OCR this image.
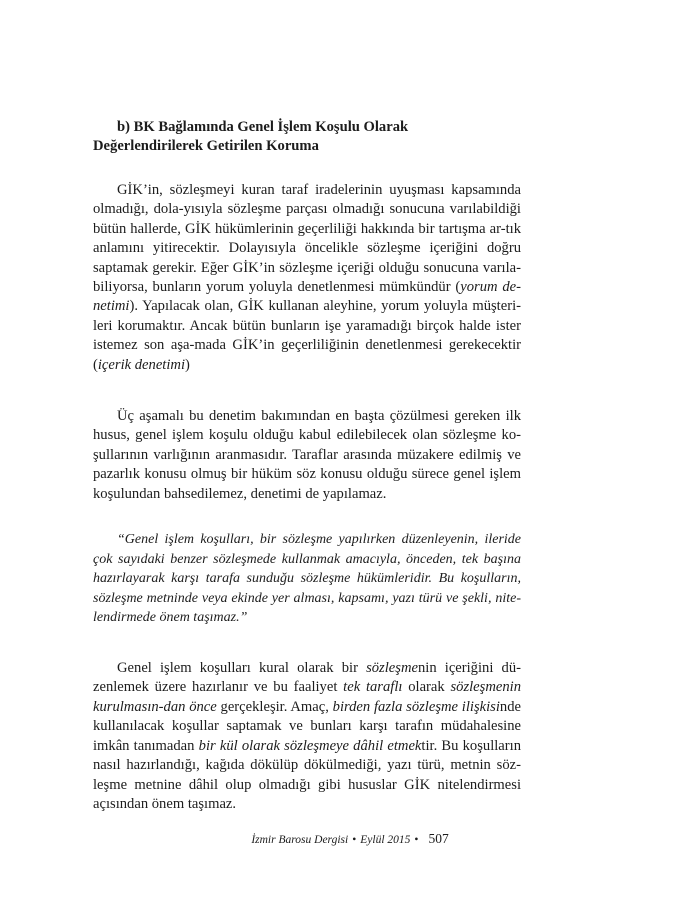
b) BK Bağlamında Genel İşlem Koşulu Olarak Değerlendirilerek Getirilen Koruma

GİK’in, sözleşmeyi kuran taraf iradelerinin uyuşması kapsamında olmadığı, dola-yısıyla sözleşme parçası olmadığı sonucuna varılabildiği bütün hallerde, GİK hükümlerinin geçerliliği hakkında bir tartışma ar-tık anlamını yitirecektir. Dolayısıyla öncelikle sözleşme içeriğini doğru saptamak gerekir. Eğer GİK’in sözleşme içeriği olduğu sonucuna varıla-biliyorsa, bunların yorum yoluyla denetlenmesi mümkündür (yorum de-netimi). Yapılacak olan, GİK kullanan aleyhine, yorum yoluyla müşteri-leri korumaktır. Ancak bütün bunların işe yaramadığı birçok halde ister istemez son aşa-mada GİK’in geçerliliğinin denetlenmesi gerekecektir (içerik denetimi)

Üç aşamalı bu denetim bakımından en başta çözülmesi gereken ilk husus, genel işlem koşulu olduğu kabul edilebilecek olan sözleşme ko-şullarının varlığının aranmasıdır. Taraflar arasında müzakere edilmiş ve pazarlık konusu olmuş bir hüküm söz konusu olduğu sürece genel işlem koşulundan bahsedilemez, denetimi de yapılamaz.

“Genel işlem koşulları, bir sözleşme yapılırken düzenleyenin, ileride çok sayıdaki benzer sözleşmede kullanmak amacıyla, önceden, tek başına hazırlayarak karşı tarafa sunduğu sözleşme hükümleridir. Bu koşulların, sözleşme metninde veya ekinde yer alması, kapsamı, yazı türü ve şekli, nite-lendirmede önem taşımaz.”

Genel işlem koşulları kural olarak bir sözleşmenin içeriğini dü-zenlemek üzere hazırlanır ve bu faaliyet tek taraflı olarak sözleşmenin kurulmasın-dan önce gerçekleşir. Amaç, birden fazla sözleşme ilişkisinde kullanılacak koşullar saptamak ve bunları karşı tarafın müdahalesine imkân tanımadan bir kül olarak sözleşmeye dâhil etmektir. Bu koşulların nasıl hazırlandığı, kağıda dökülüp dökülmediği, yazı türü, metnin söz-leşme metnine dâhil olup olmadığı gibi hususlar GİK nitelendirmesi açısından önem taşımaz.

İzmir Barosu Dergisi • Eylül 2015 • 507
